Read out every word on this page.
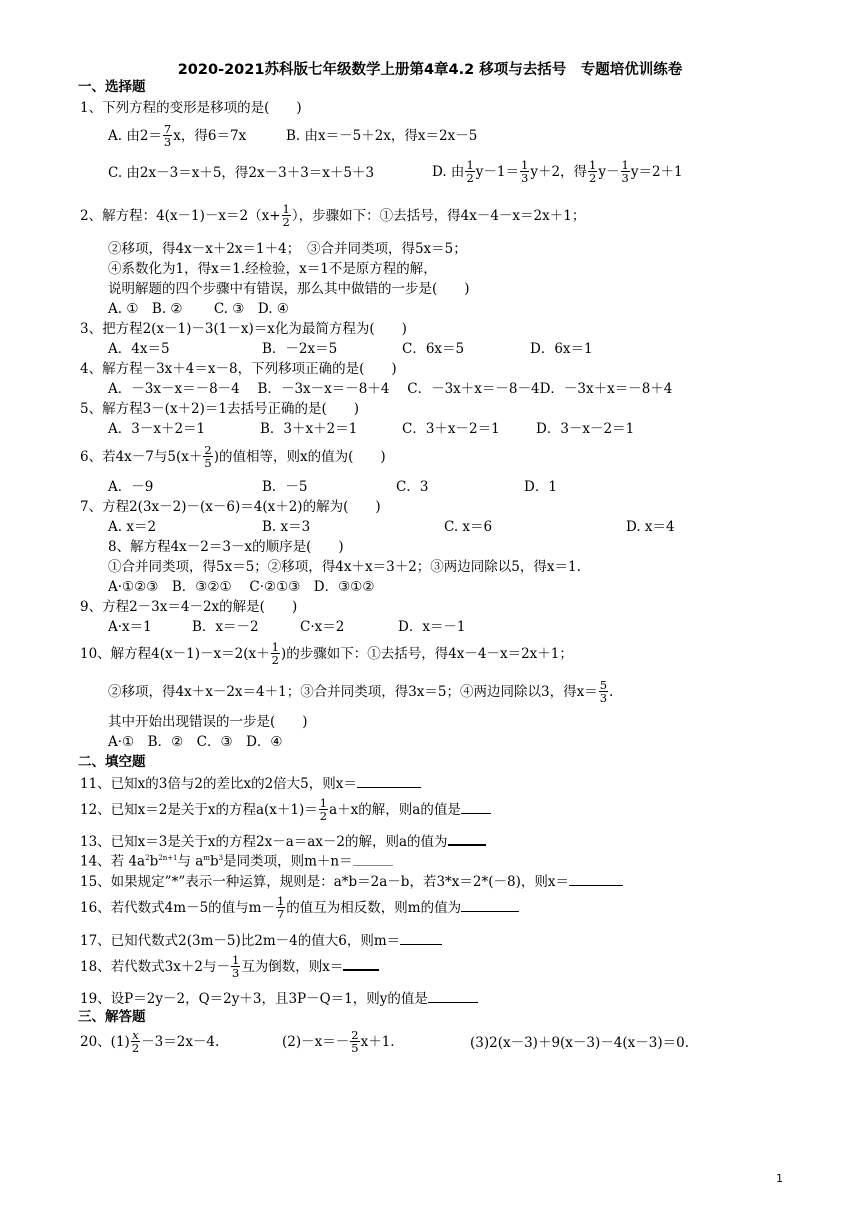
2020-2021苏科版七年级数学上册第4章4.2 移项与去括号　专题培优训练卷
一、选择题
1、下列方程的变形是移项的是(　　)
A. 由$2= \frac{7}{3}$ x，得6＝7x	B. 由x＝－5＋2x，得x＝2x－5
C. 由2x－3＝x＋5，得2x－3＋3＝x＋5＋3	D. 由 $\frac{1}{2} y-1= \frac{1}{3} y+2$，得 $\frac{1}{2} y- \frac{1}{3} y=2+1$
2、解方程：$4(x-1)-x=2(x+ \frac{1}{2}$ ），步骤如下：①去括号，得4x－4－x＝2x＋1；
②移项，得4x－x＋2x＝1＋4；　③合并同类项，得5x＝5；
④系数化为1，得x＝1.经检验，x＝1不是原方程的解，
说明解题的四个步骤中有错误，那么其中做错的一步是(　　)
A. ①　B. ②　　 C. ③　D. ④
3、把方程2(x－1)－3(1－x)＝x化为最简方程为(　　)
A．4x＝5	B．－2x＝5	C．6x＝5	D．6x＝1
4、解方程－3x＋4＝x－8，下列移项正确的是(　　)
A．－3x－x＝－8－4　 B．－3x－x＝－8＋4　 C．－3x＋x＝－8－4D．－3x＋x＝－8＋4
5、解方程3－(x＋2)＝1去括号正确的是(　　)
A．3－x＋2＝1	B．3＋x＋2＝1	C．3＋x－2＝1	D．3－x－2＝1
6、若4x－7与$5(x+ \frac{2}{5}$ )的值相等，则x的值为(　　)
A．－9	B．－5	C．3	D．1
7、方程2(3x－2)－(x－6)＝4(x＋2)的解为(　　)
A. x＝2	B. x＝3	C. x＝6	D. x＝4
8、解方程4x－2＝3－x的顺序是(　　)
①合并同类项，得5x＝5；②移项，得4x＋x＝3＋2；③两边同除以5，得x＝1.
A·①②③　B．③②①　 C·②①③　D．③①②
9、方程2－3x＝4－2x的解是(　　)
A·x＝1	B．x＝－2	C·x＝2	D．x＝－1
10、解方程$4(x-1)-x=2(x+ \frac{1}{2}$ )的步骤如下：①去括号，得4x－4－x＝2x＋1；
②移项，得4x＋x－2x＝4＋1；③合并同类项，得3x＝5；④两边同除以3，得$x= \frac{5}{3}$ .
其中开始出现错误的一步是(　　)
A·①　B．②　C．③　D．④
二、填空题
11、已知x的3倍与2的差比x的2倍大5，则x＝
12、已知x＝2是关于x的方程$a(x+1)= \frac{1}{2} a+x$的解，则a的值是
13、已知x＝3是关于x的方程2x－a＝ax－2的解，则a的值为
14、若 $4a^2b^{2n+1}$与 $a^mb^3$是同类项，则m＋n＝
15、如果规定”*”表示一种运算，规则是：a*b＝2a－b，若3*x＝2*(－8)，则x＝
16、若代数式4m－5的值与$m- \frac{1}{7}$ 的值互为相反数，则m的值为
17、已知代数式2(3m－5)比2m－4的值大6，则m＝
18、若代数式3x＋2与－ $\frac{1}{3}$ 互为倒数，则x＝
19、设P＝2y－2，Q＝2y＋3，且3P－Q＝1，则y的值是
三、解答题
20、$(1) \frac{x}{2} -3=2x-4$.	$(2)-x=- \frac{2}{5} x+1$.	(3)2(x－3)＋9(x－3)－4(x－3)＝0.
1
